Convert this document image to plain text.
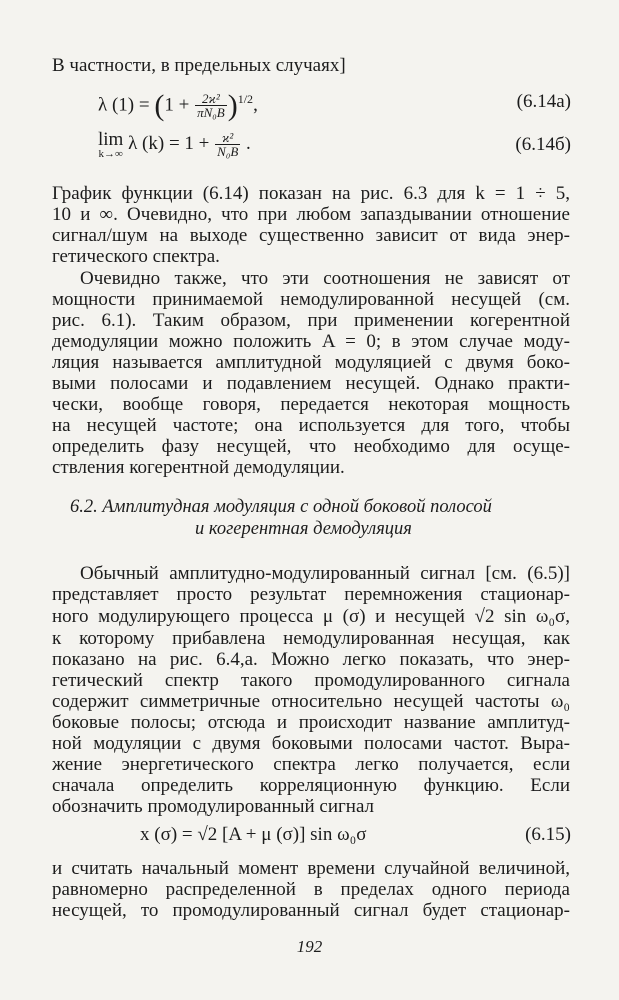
В частности, в предельных случаях]
λ $(1) = (1 + \frac{\text{2ϰ²}}{\text{πN₀B}} )^{1/2}$,	(6.14а)
lim
k→∞
λ $(k) = 1 + \frac{\text{ϰ²}}{\text{N₀B}}$ .	(6.14б)
График функции (6.14) показан на рис. 6.3 для k = 1 ÷ 5,
10 и ∞. Очевидно, что при любом запаздывании отношение
сигнал/шум на выходе существенно зависит от вида энер-
гетического спектра.
Очевидно также, что эти соотношения не зависят от
мощности принимаемой немодулированной несущей (см.
рис. 6.1). Таким образом, при применении когерентной
демодуляции можно положить A = 0; в этом случае моду-
ляция называется амплитудной модуляцией с двумя боко-
выми полосами и подавлением несущей. Однако практи-
чески, вообще говоря, передается некоторая мощность
на несущей частоте; она используется для того, чтобы
определить фазу несущей, что необходимо для осуще-
ствления когерентной демодуляции.
6.2. Амплитудная модуляция с одной боковой полосой
и когерентная демодуляция
Обычный амплитудно-модулированный сигнал [см. (6.5)]
представляет просто результат перемножения стационар-
ного модулирующего процесса μ (σ) и несущей √2 sin ω₀σ,
к которому прибавлена немодулированная несущая, как
показано на рис. 6.4,a. Можно легко показать, что энер-
гетический спектр такого промодулированного сигнала
содержит симметричные относительно несущей частоты ω₀
боковые полосы; отсюда и происходит название амплитуд-
ной модуляции с двумя боковыми полосами частот. Выра-
жение энергетического спектра легко получается, если
сначала определить корреляционную функцию. Если
обозначить промодулированный сигнал
x (σ) = √2 [A + μ (σ)] sin ω₀σ	(6.15)
и считать начальный момент времени случайной величиной,
равномерно распределенной в пределах одного периода
несущей, то промодулированный сигнал будет стационар-
192
